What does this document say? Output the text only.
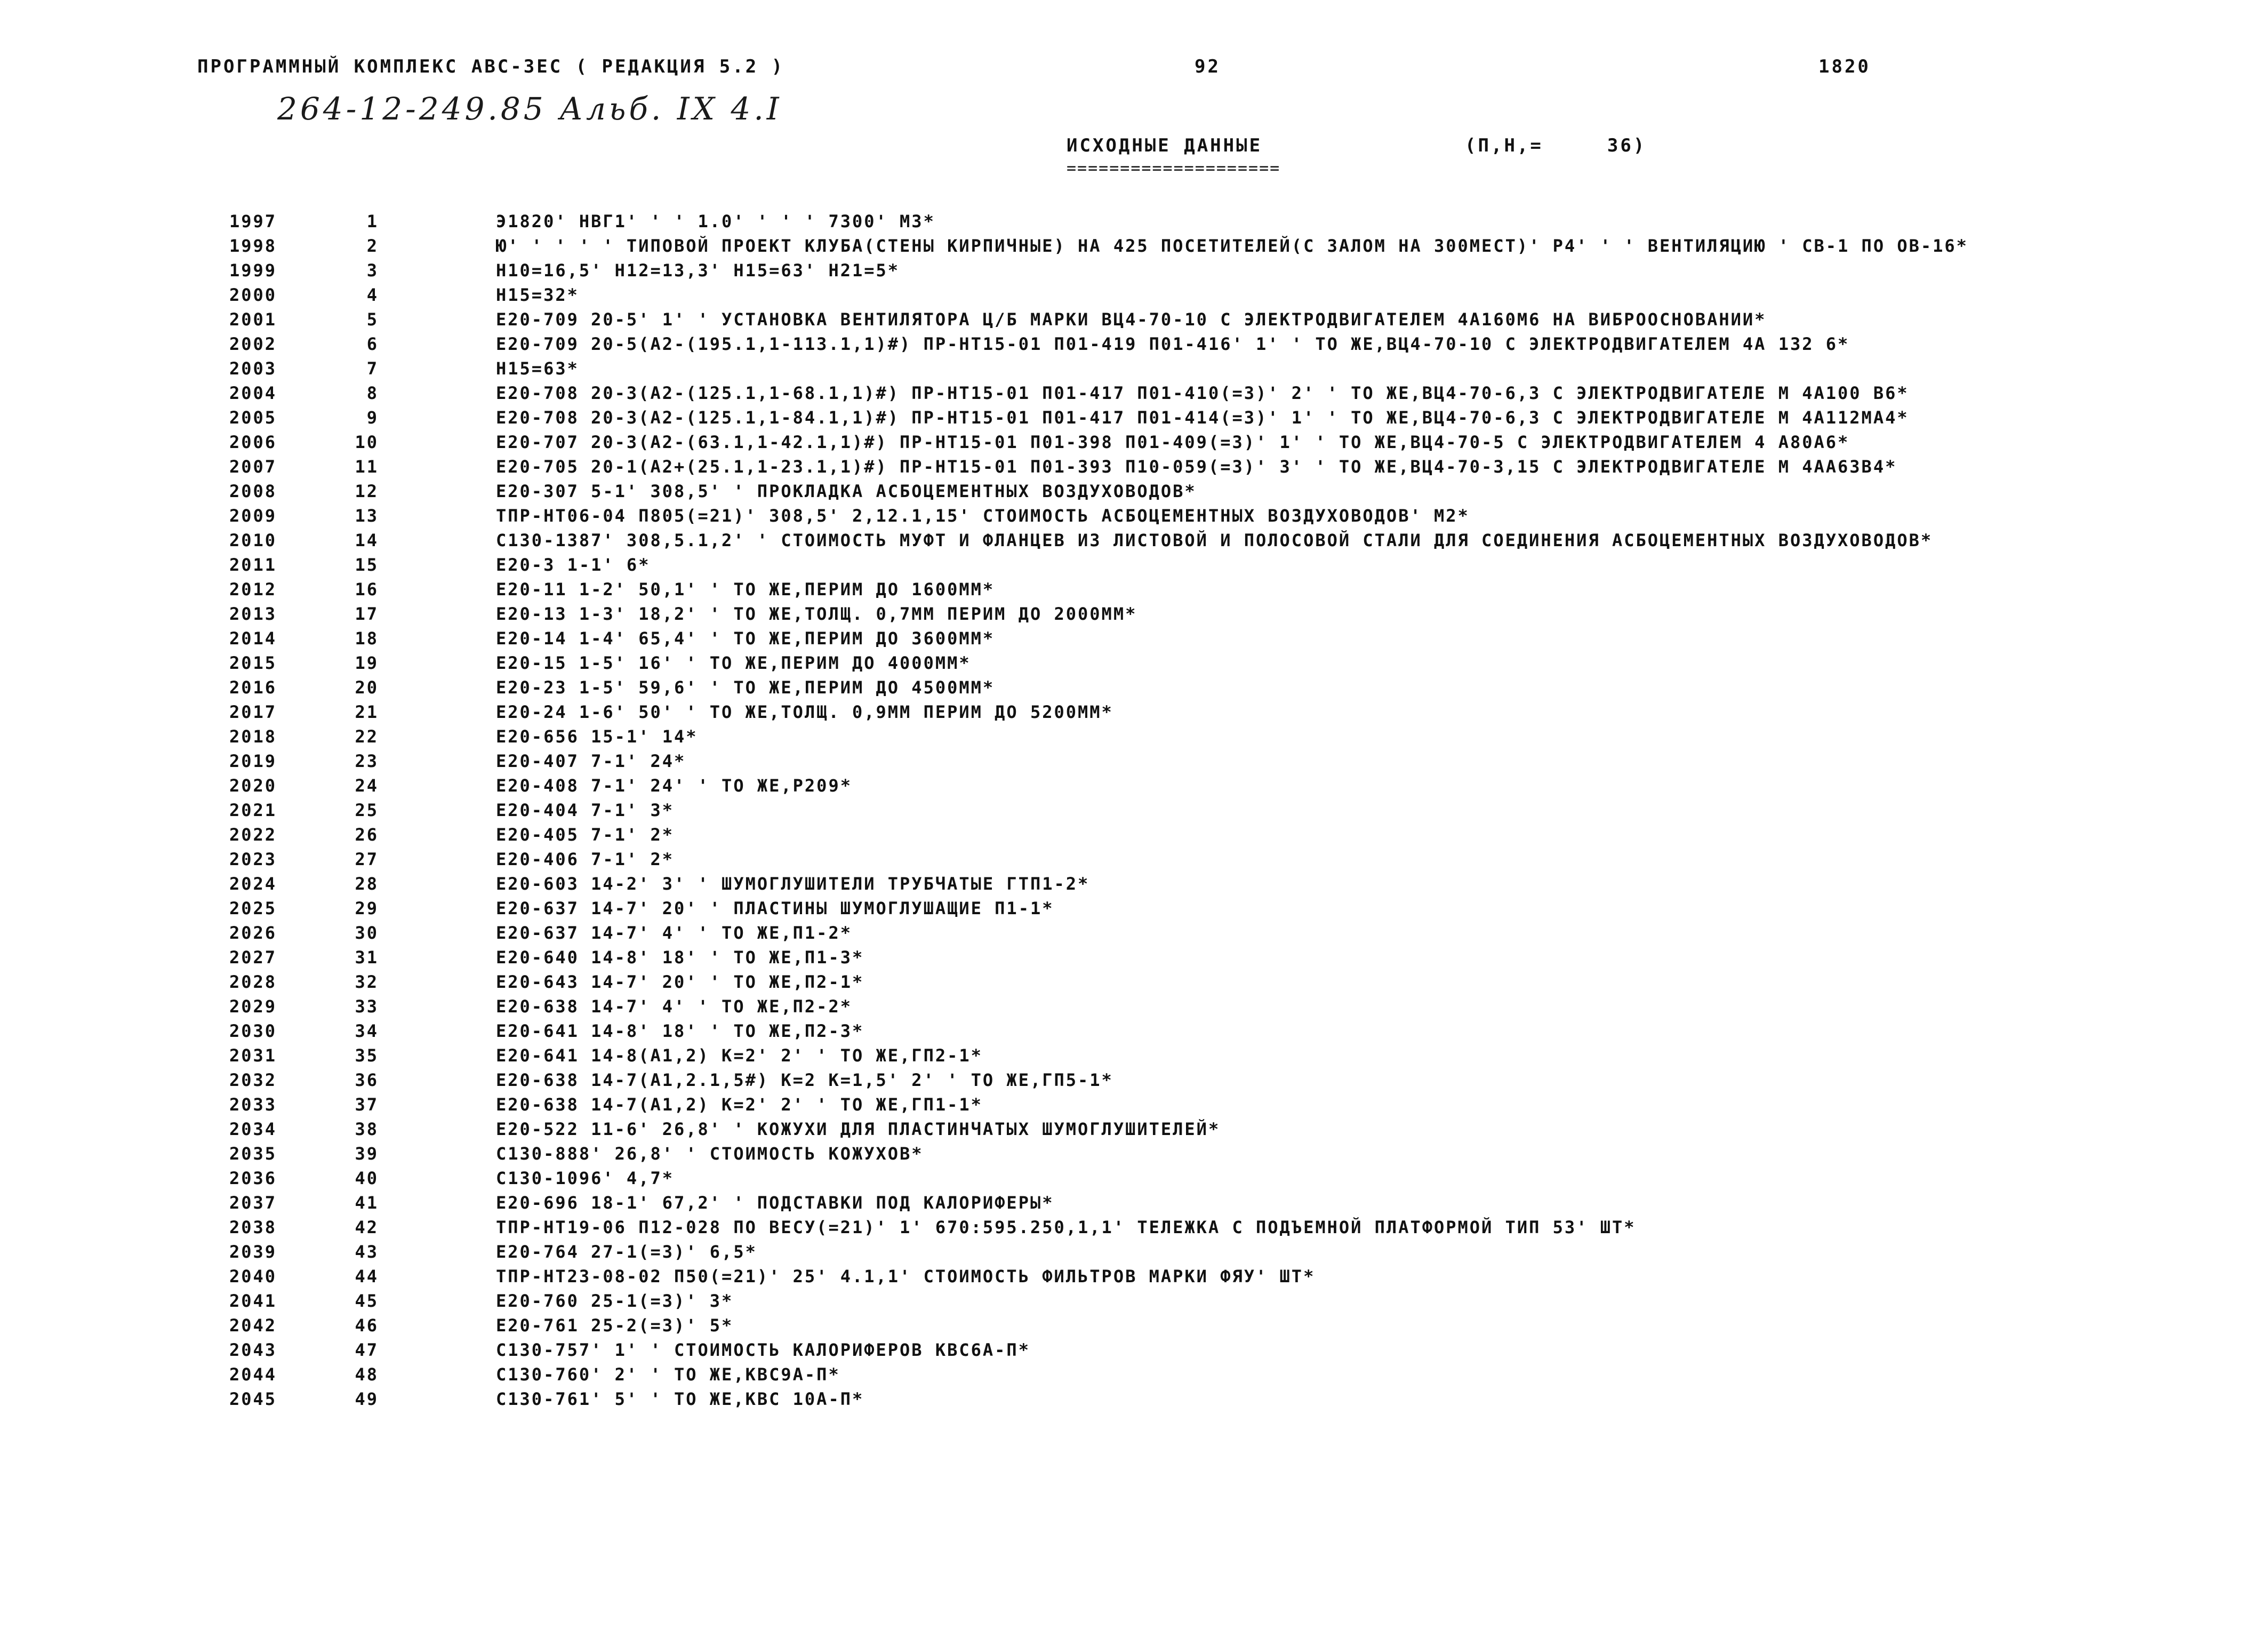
ПРОГРАММНЫЙ КОМПЛЕКС АВС-ЗЕС ( РЕДАКЦИЯ 5.2 )	92	1820
264-12-249.85 Альб. IX 4.I
ИСХОДНЫЕ ДАННЫЕ	(П,Н,=	36)
====================
1997	1	Э1820' НВГ1' ' ' 1.0' ' ' ' 7300' М3*
1998	2	Ю' ' ' ' ' ТИПОВОЙ ПРОЕКТ КЛУБА(СТЕНЫ КИРПИЧНЫЕ) НА 425 ПОСЕТИТЕЛЕЙ(С ЗАЛОМ НА 300МЕСТ)' Р4' ' ' ВЕНТИЛЯЦИЮ ' СВ-1 ПО ОВ-16*
1999	3	Н10=16,5' Н12=13,3' Н15=63' Н21=5*
2000	4	Н15=32*
2001	5	Е20-709 20-5' 1' ' УСТАНОВКА ВЕНТИЛЯТОРА Ц/Б МАРКИ ВЦ4-70-10 С ЭЛЕКТРОДВИГАТЕЛЕМ 4А160М6 НА ВИБРООСНОВАНИИ*
2002	6	Е20-709 20-5(А2-(195.1,1-113.1,1)#) ПР-НТ15-01 П01-419 П01-416' 1' ' ТО ЖЕ,ВЦ4-70-10 С ЭЛЕКТРОДВИГАТЕЛЕМ 4А 132 6*
2003	7	Н15=63*
2004	8	Е20-708 20-3(А2-(125.1,1-68.1,1)#) ПР-НТ15-01 П01-417 П01-410(=3)' 2' ' ТО ЖЕ,ВЦ4-70-6,3 С ЭЛЕКТРОДВИГАТЕЛЕ М 4А100 В6*
2005	9	Е20-708 20-3(А2-(125.1,1-84.1,1)#) ПР-НТ15-01 П01-417 П01-414(=3)' 1' ' ТО ЖЕ,ВЦ4-70-6,3 С ЭЛЕКТРОДВИГАТЕЛЕ М 4А112МА4*
2006	10	Е20-707 20-3(А2-(63.1,1-42.1,1)#) ПР-НТ15-01 П01-398 П01-409(=3)' 1' ' ТО ЖЕ,ВЦ4-70-5 С ЭЛЕКТРОДВИГАТЕЛЕМ 4 А80А6*
2007	11	Е20-705 20-1(А2+(25.1,1-23.1,1)#) ПР-НТ15-01 П01-393 П10-059(=3)' 3' ' ТО ЖЕ,ВЦ4-70-3,15 С ЭЛЕКТРОДВИГАТЕЛЕ М 4АА63В4*
2008	12	Е20-307 5-1' 308,5' ' ПРОКЛАДКА АСБОЦЕМЕНТНЫХ ВОЗДУХОВОДОВ*
2009	13	ТПР-НТ06-04 П805(=21)' 308,5' 2,12.1,15' СТОИМОСТЬ АСБОЦЕМЕНТНЫХ ВОЗДУХОВОДОВ' М2*
2010	14	С130-1387' 308,5.1,2' ' СТОИМОСТЬ МУФТ И ФЛАНЦЕВ ИЗ ЛИСТОВОЙ И ПОЛОСОВОЙ СТАЛИ ДЛЯ СОЕДИНЕНИЯ АСБОЦЕМЕНТНЫХ ВОЗДУХОВОДОВ*
2011	15	Е20-3 1-1' 6*
2012	16	Е20-11 1-2' 50,1' ' ТО ЖЕ,ПЕРИМ ДО 1600ММ*
2013	17	Е20-13 1-3' 18,2' ' ТО ЖЕ,ТОЛЩ. 0,7ММ ПЕРИМ ДО 2000ММ*
2014	18	Е20-14 1-4' 65,4' ' ТО ЖЕ,ПЕРИМ ДО 3600ММ*
2015	19	Е20-15 1-5' 16' ' ТО ЖЕ,ПЕРИМ ДО 4000ММ*
2016	20	Е20-23 1-5' 59,6' ' ТО ЖЕ,ПЕРИМ ДО 4500ММ*
2017	21	Е20-24 1-6' 50' ' ТО ЖЕ,ТОЛЩ. 0,9ММ ПЕРИМ ДО 5200ММ*
2018	22	Е20-656 15-1' 14*
2019	23	Е20-407 7-1' 24*
2020	24	Е20-408 7-1' 24' ' ТО ЖЕ,Р209*
2021	25	Е20-404 7-1' 3*
2022	26	Е20-405 7-1' 2*
2023	27	Е20-406 7-1' 2*
2024	28	Е20-603 14-2' 3' ' ШУМОГЛУШИТЕЛИ ТРУБЧАТЫЕ ГТП1-2*
2025	29	Е20-637 14-7' 20' ' ПЛАСТИНЫ ШУМОГЛУШАЩИЕ П1-1*
2026	30	Е20-637 14-7' 4' ' ТО ЖЕ,П1-2*
2027	31	Е20-640 14-8' 18' ' ТО ЖЕ,П1-3*
2028	32	Е20-643 14-7' 20' ' ТО ЖЕ,П2-1*
2029	33	Е20-638 14-7' 4' ' ТО ЖЕ,П2-2*
2030	34	Е20-641 14-8' 18' ' ТО ЖЕ,П2-3*
2031	35	Е20-641 14-8(А1,2) К=2' 2' ' ТО ЖЕ,ГП2-1*
2032	36	Е20-638 14-7(А1,2.1,5#) К=2 К=1,5' 2' ' ТО ЖЕ,ГП5-1*
2033	37	Е20-638 14-7(А1,2) К=2' 2' ' ТО ЖЕ,ГП1-1*
2034	38	Е20-522 11-6' 26,8' ' КОЖУХИ ДЛЯ ПЛАСТИНЧАТЫХ ШУМОГЛУШИТЕЛЕЙ*
2035	39	С130-888' 26,8' ' СТОИМОСТЬ КОЖУХОВ*
2036	40	С130-1096' 4,7*
2037	41	Е20-696 18-1' 67,2' ' ПОДСТАВКИ ПОД КАЛОРИФЕРЫ*
2038	42	ТПР-НТ19-06 П12-028 ПО ВЕСУ(=21)' 1' 670:595.250,1,1' ТЕЛЕЖКА С ПОДЪЕМНОЙ ПЛАТФОРМОЙ ТИП 53' ШТ*
2039	43	Е20-764 27-1(=3)' 6,5*
2040	44	ТПР-НТ23-08-02 П50(=21)' 25' 4.1,1' СТОИМОСТЬ ФИЛЬТРОВ МАРКИ ФЯУ' ШТ*
2041	45	Е20-760 25-1(=3)' 3*
2042	46	Е20-761 25-2(=3)' 5*
2043	47	С130-757' 1' ' СТОИМОСТЬ КАЛОРИФЕРОВ КВС6А-П*
2044	48	С130-760' 2' ' ТО ЖЕ,КВС9А-П*
2045	49	С130-761' 5' ' ТО ЖЕ,КВС 10А-П*
